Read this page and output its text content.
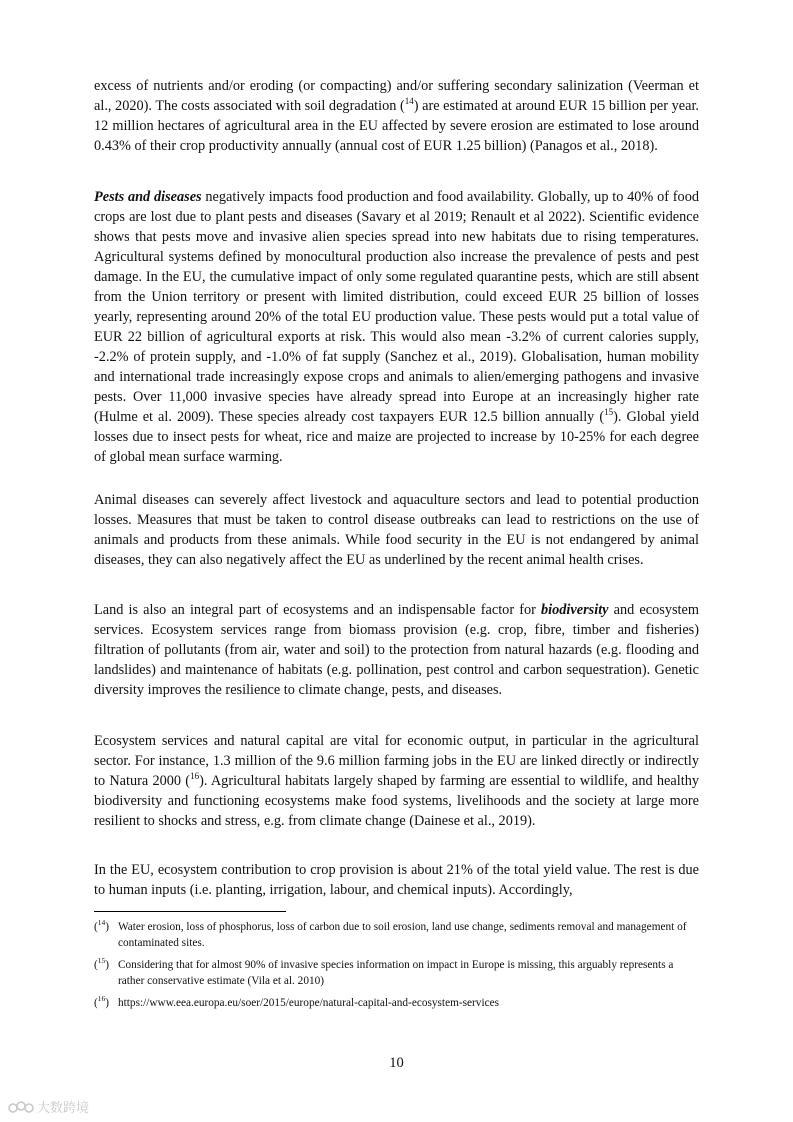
excess of nutrients and/or eroding (or compacting) and/or suffering secondary salinization (Veerman et al., 2020). The costs associated with soil degradation ($^{14}$) are estimated at around EUR 15 billion per year. 12 million hectares of agricultural area in the EU affected by severe erosion are estimated to lose around 0.43% of their crop productivity annually (annual cost of EUR 1.25 billion) (Panagos et al., 2018).

Pests and diseases negatively impacts food production and food availability. Globally, up to 40% of food crops are lost due to plant pests and diseases (Savary et al 2019; Renault et al 2022). Scientific evidence shows that pests move and invasive alien species spread into new habitats due to rising temperatures. Agricultural systems defined by monocultural production also increase the prevalence of pests and pest damage. In the EU, the cumulative impact of only some regulated quarantine pests, which are still absent from the Union territory or present with limited distribution, could exceed EUR 25 billion of losses yearly, representing around 20% of the total EU production value. These pests would put a total value of EUR 22 billion of agricultural exports at risk. This would also mean -3.2% of current calories supply, -2.2% of protein supply, and -1.0% of fat supply (Sanchez et al., 2019). Globalisation, human mobility and international trade increasingly expose crops and animals to alien/emerging pathogens and invasive pests. Over 11,000 invasive species have already spread into Europe at an increasingly higher rate (Hulme et al. 2009). These species already cost taxpayers EUR 12.5 billion annually ($^{15}$). Global yield losses due to insect pests for wheat, rice and maize are projected to increase by 10-25% for each degree of global mean surface warming.

Animal diseases can severely affect livestock and aquaculture sectors and lead to potential production losses. Measures that must be taken to control disease outbreaks can lead to restrictions on the use of animals and products from these animals. While food security in the EU is not endangered by animal diseases, they can also negatively affect the EU as underlined by the recent animal health crises.

Land is also an integral part of ecosystems and an indispensable factor for biodiversity and ecosystem services. Ecosystem services range from biomass provision (e.g. crop, fibre, timber and fisheries) filtration of pollutants (from air, water and soil) to the protection from natural hazards (e.g. flooding and landslides) and maintenance of habitats (e.g. pollination, pest control and carbon sequestration). Genetic diversity improves the resilience to climate change, pests, and diseases.

Ecosystem services and natural capital are vital for economic output, in particular in the agricultural sector. For instance, 1.3 million of the 9.6 million farming jobs in the EU are linked directly or indirectly to Natura 2000 ($^{16}$). Agricultural habitats largely shaped by farming are essential to wildlife, and healthy biodiversity and functioning ecosystems make food systems, livelihoods and the society at large more resilient to shocks and stress, e.g. from climate change (Dainese et al., 2019).

In the EU, ecosystem contribution to crop provision is about 21% of the total yield value. The rest is due to human inputs (i.e. planting, irrigation, labour, and chemical inputs). Accordingly,

($^{14}$) Water erosion, loss of phosphorus, loss of carbon due to soil erosion, land use change, sediments removal and management of contaminated sites.
($^{15}$) Considering that for almost 90% of invasive species information on impact in Europe is missing, this arguably represents a rather conservative estimate (Vila et al. 2010)
($^{16}$) https://www.eea.europa.eu/soer/2015/europe/natural-capital-and-ecosystem-services
10
大数跨境
